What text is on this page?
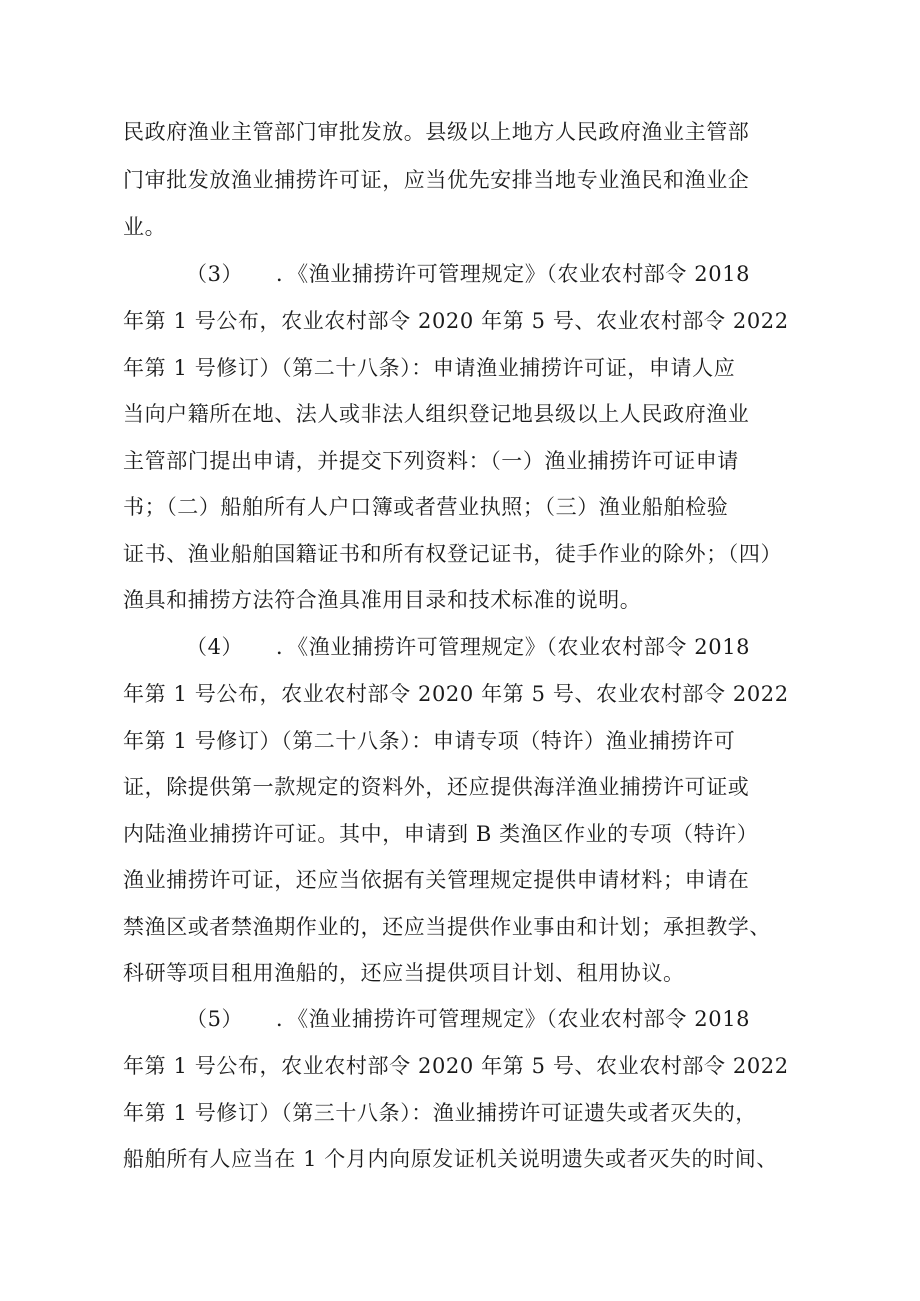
民政府渔业主管部门审批发放。县级以上地方人民政府渔业主管部
门审批发放渔业捕捞许可证，应当优先安排当地专业渔民和渔业企
业。
（3） ．《渔业捕捞许可管理规定》（农业农村部令 2018
年第 1 号公布，农业农村部令 2020 年第 5 号、农业农村部令 2022
年第 1 号修订）（第二十八条）：申请渔业捕捞许可证，申请人应
当向户籍所在地、法人或非法人组织登记地县级以上人民政府渔业
主管部门提出申请，并提交下列资料：（一）渔业捕捞许可证申请
书；（二）船舶所有人户口簿或者营业执照；（三）渔业船舶检验
证书、渔业船舶国籍证书和所有权登记证书，徒手作业的除外；（四）
渔具和捕捞方法符合渔具准用目录和技术标准的说明。
（4） ．《渔业捕捞许可管理规定》（农业农村部令 2018
年第 1 号公布，农业农村部令 2020 年第 5 号、农业农村部令 2022
年第 1 号修订）（第二十八条）：申请专项（特许）渔业捕捞许可
证，除提供第一款规定的资料外，还应提供海洋渔业捕捞许可证或
内陆渔业捕捞许可证。其中，申请到 B 类渔区作业的专项（特许）
渔业捕捞许可证，还应当依据有关管理规定提供申请材料；申请在
禁渔区或者禁渔期作业的，还应当提供作业事由和计划；承担教学、
科研等项目租用渔船的，还应当提供项目计划、租用协议。
（5） ．《渔业捕捞许可管理规定》（农业农村部令 2018
年第 1 号公布，农业农村部令 2020 年第 5 号、农业农村部令 2022
年第 1 号修订）（第三十八条）：渔业捕捞许可证遗失或者灭失的，
船舶所有人应当在 1 个月内向原发证机关说明遗失或者灭失的时间、
